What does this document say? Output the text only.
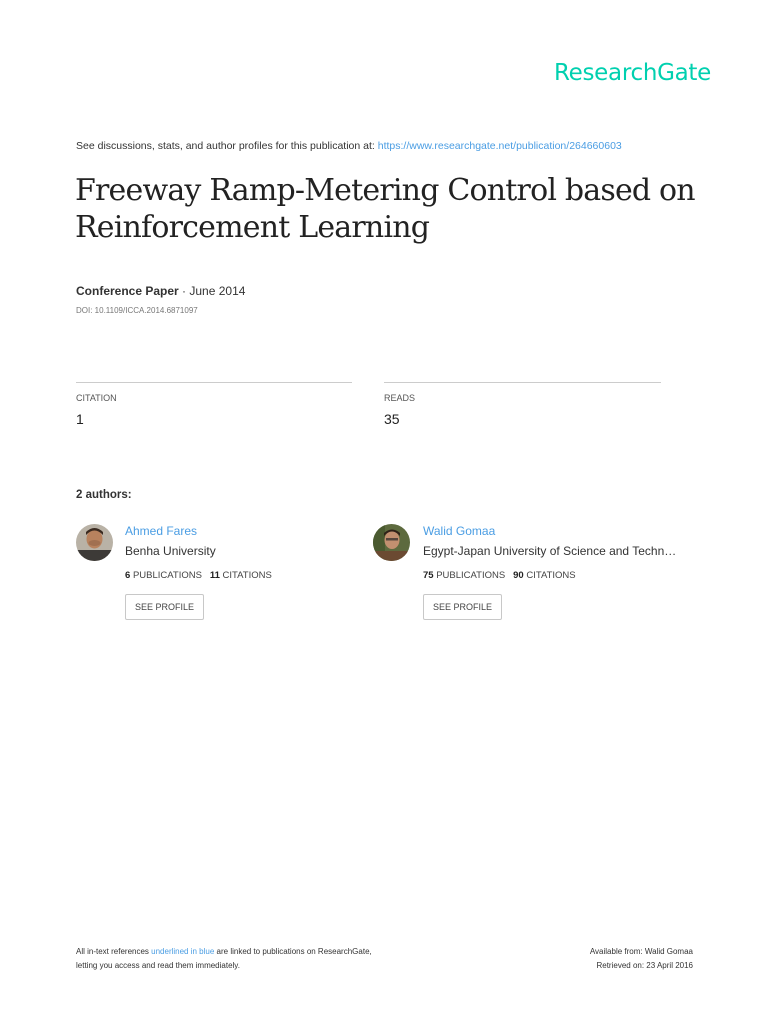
ResearchGate
See discussions, stats, and author profiles for this publication at: https://www.researchgate.net/publication/264660603
Freeway Ramp-Metering Control based on Reinforcement Learning
Conference Paper · June 2014
DOI: 10.1109/ICCA.2014.6871097
CITATION
1
READS
35
2 authors:
Ahmed Fares
Benha University
6 PUBLICATIONS 11 CITATIONS
SEE PROFILE
Walid Gomaa
Egypt-Japan University of Science and Techn…
75 PUBLICATIONS 90 CITATIONS
SEE PROFILE
All in-text references underlined in blue are linked to publications on ResearchGate,
letting you access and read them immediately.
Available from: Walid Gomaa
Retrieved on: 23 April 2016
